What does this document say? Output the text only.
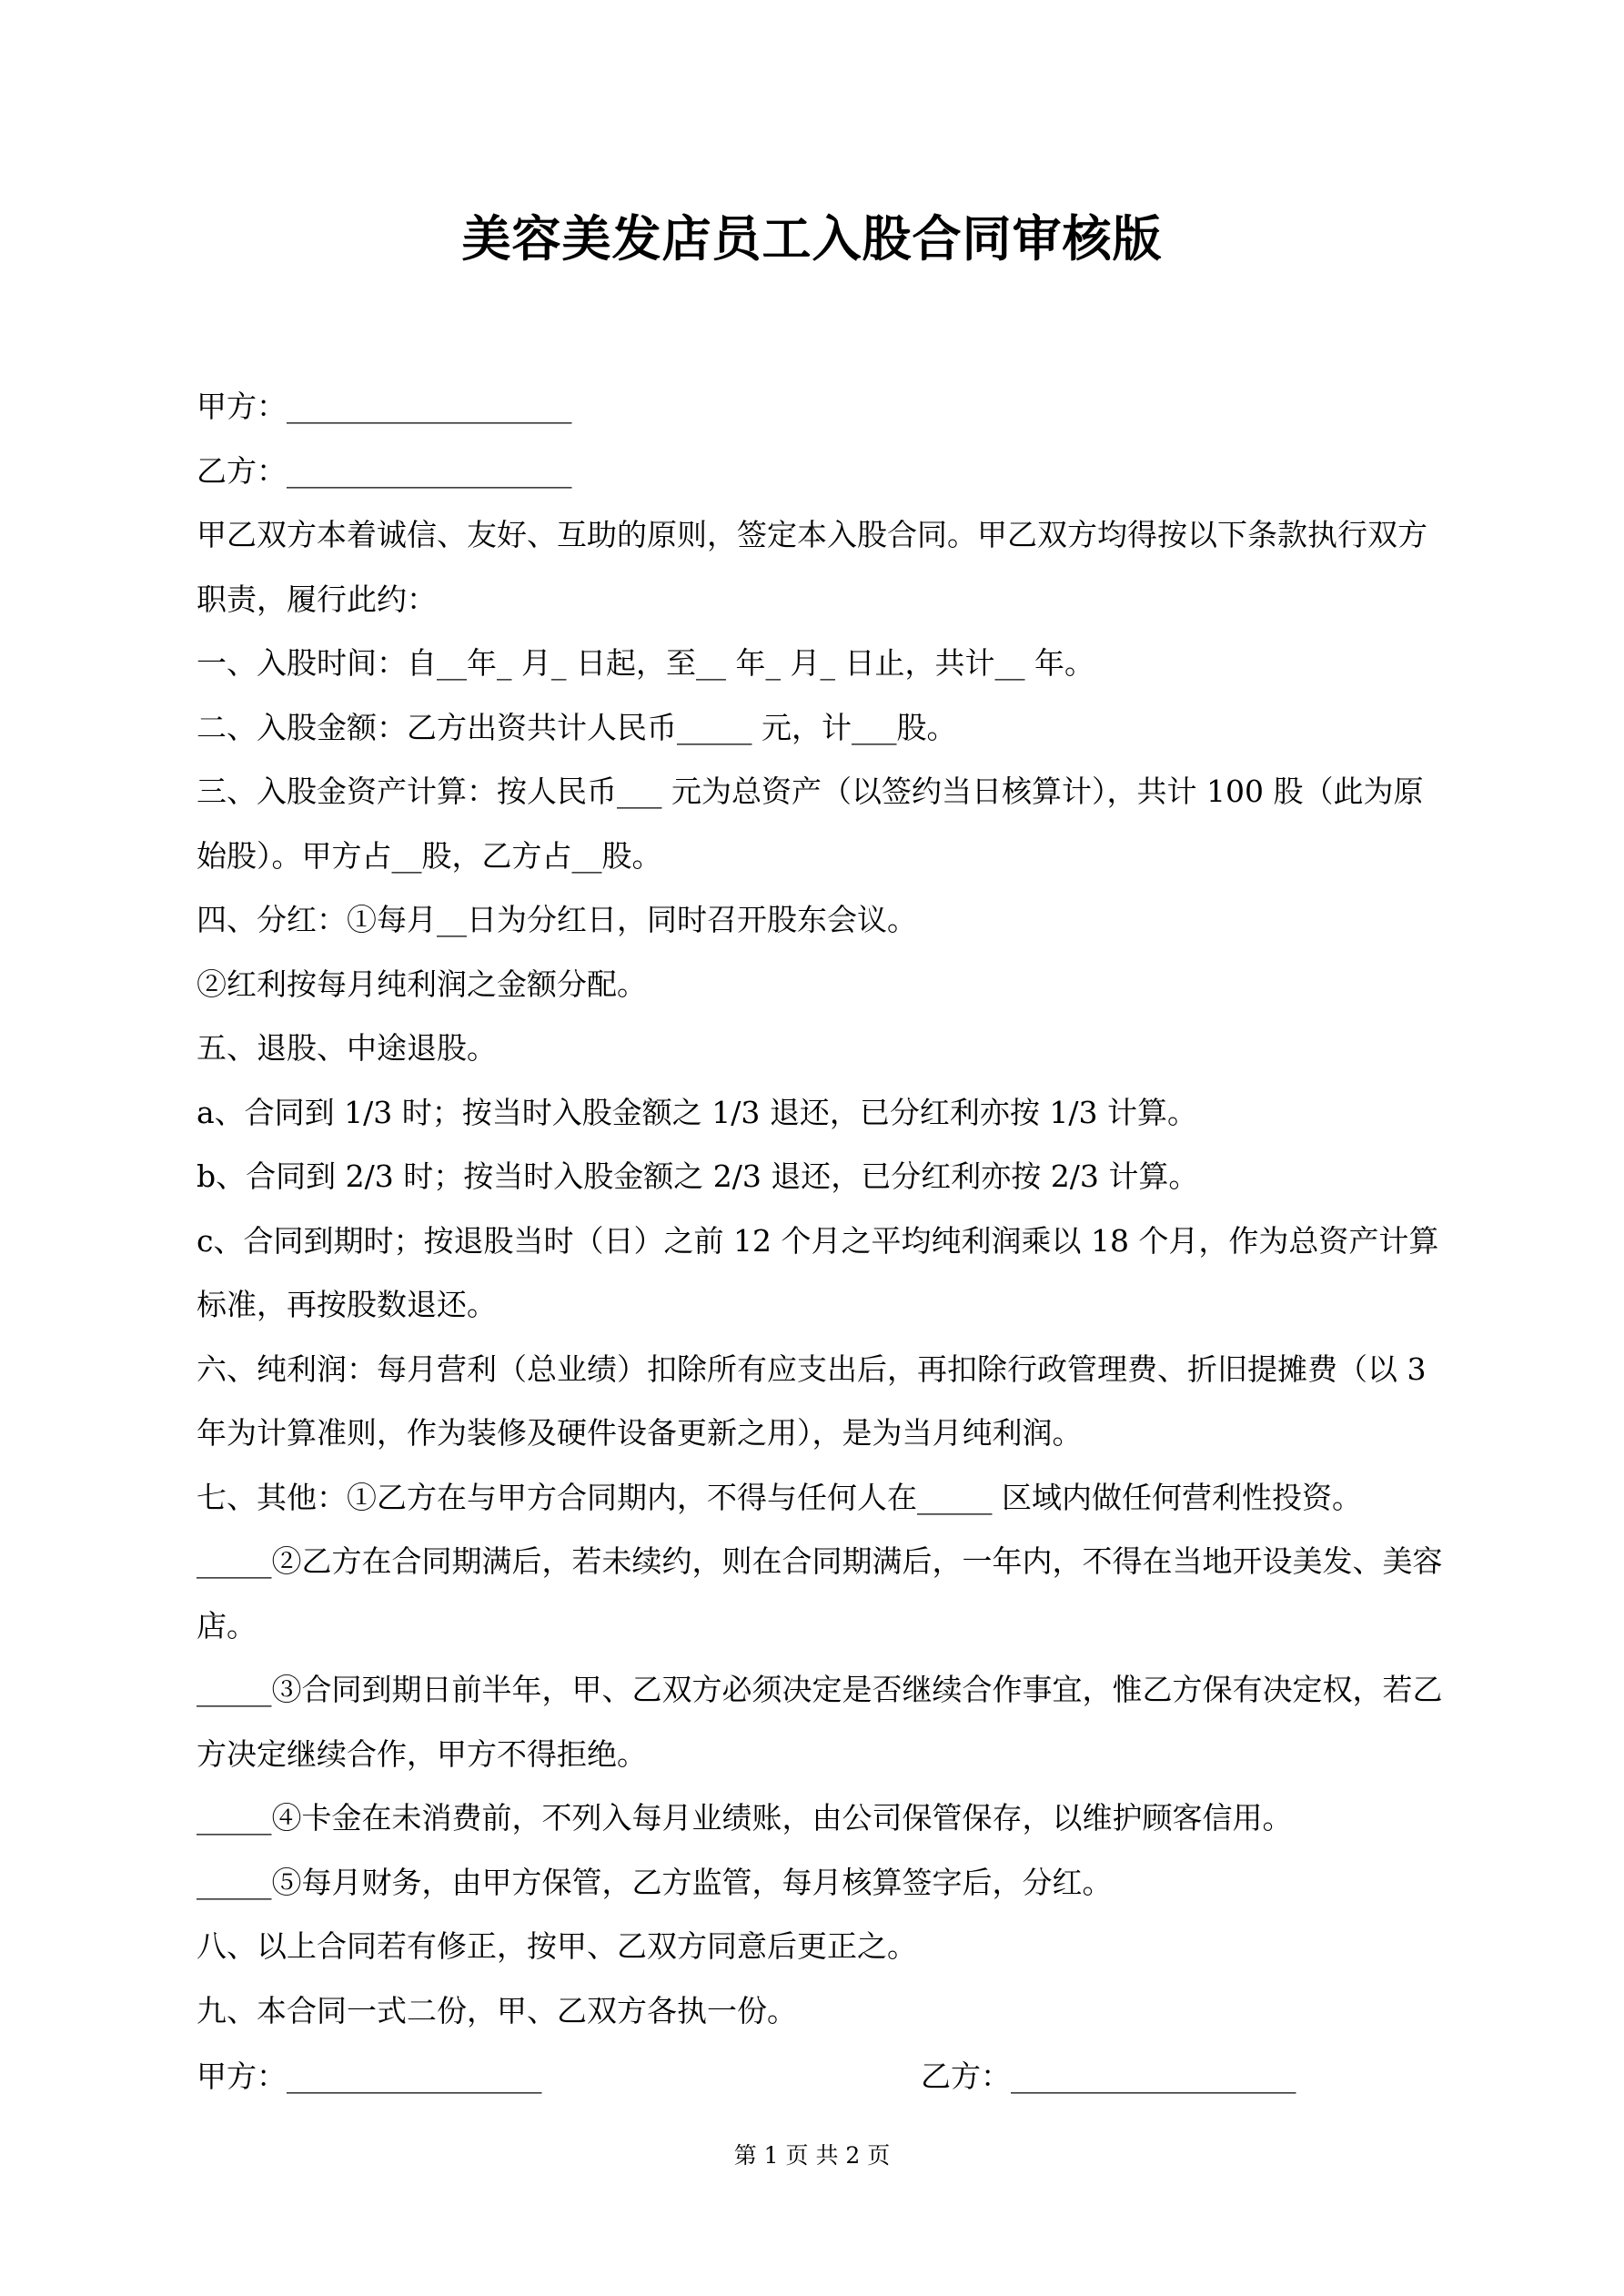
美容美发店员工入股合同审核版

甲方：___________________

乙方：___________________

甲乙双方本着诚信、友好、互助的原则，签定本入股合同。甲乙双方均得按以下条款执行双方职责，履行此约：

一、入股时间：自__年_ 月_ 日起，至__ 年_ 月_ 日止，共计__ 年。

二、入股金额：乙方出资共计人民币_____ 元，计___股。

三、入股金资产计算：按人民币___ 元为总资产（以签约当日核算计），共计 100 股（此为原始股）。甲方占__股，乙方占__股。

四、分红：①每月__日为分红日，同时召开股东会议。

②红利按每月纯利润之金额分配。

五、退股、中途退股。

a、合同到 1/3 时；按当时入股金额之 1/3 退还，已分红利亦按 1/3 计算。

b、合同到 2/3 时；按当时入股金额之 2/3 退还，已分红利亦按 2/3 计算。

c、合同到期时；按退股当时（日）之前 12 个月之平均纯利润乘以 18 个月，作为总资产计算标准，再按股数退还。

六、纯利润：每月营利（总业绩）扣除所有应支出后，再扣除行政管理费、折旧提摊费（以 3 年为计算准则，作为装修及硬件设备更新之用），是为当月纯利润。

七、其他：①乙方在与甲方合同期内，不得与任何人在_____ 区域内做任何营利性投资。

_____②乙方在合同期满后，若未续约，则在合同期满后，一年内，不得在当地开设美发、美容店。

_____③合同到期日前半年，甲、乙双方必须决定是否继续合作事宜，惟乙方保有决定权，若乙方决定继续合作，甲方不得拒绝。

_____④卡金在未消费前，不列入每月业绩账，由公司保管保存，以维护顾客信用。

_____⑤每月财务，由甲方保管，乙方监管，每月核算签字后，分红。

八、以上合同若有修正，按甲、乙双方同意后更正之。

九、本合同一式二份，甲、乙双方各执一份。

甲方：_________________	乙方：___________________
第 1 页 共 2 页
